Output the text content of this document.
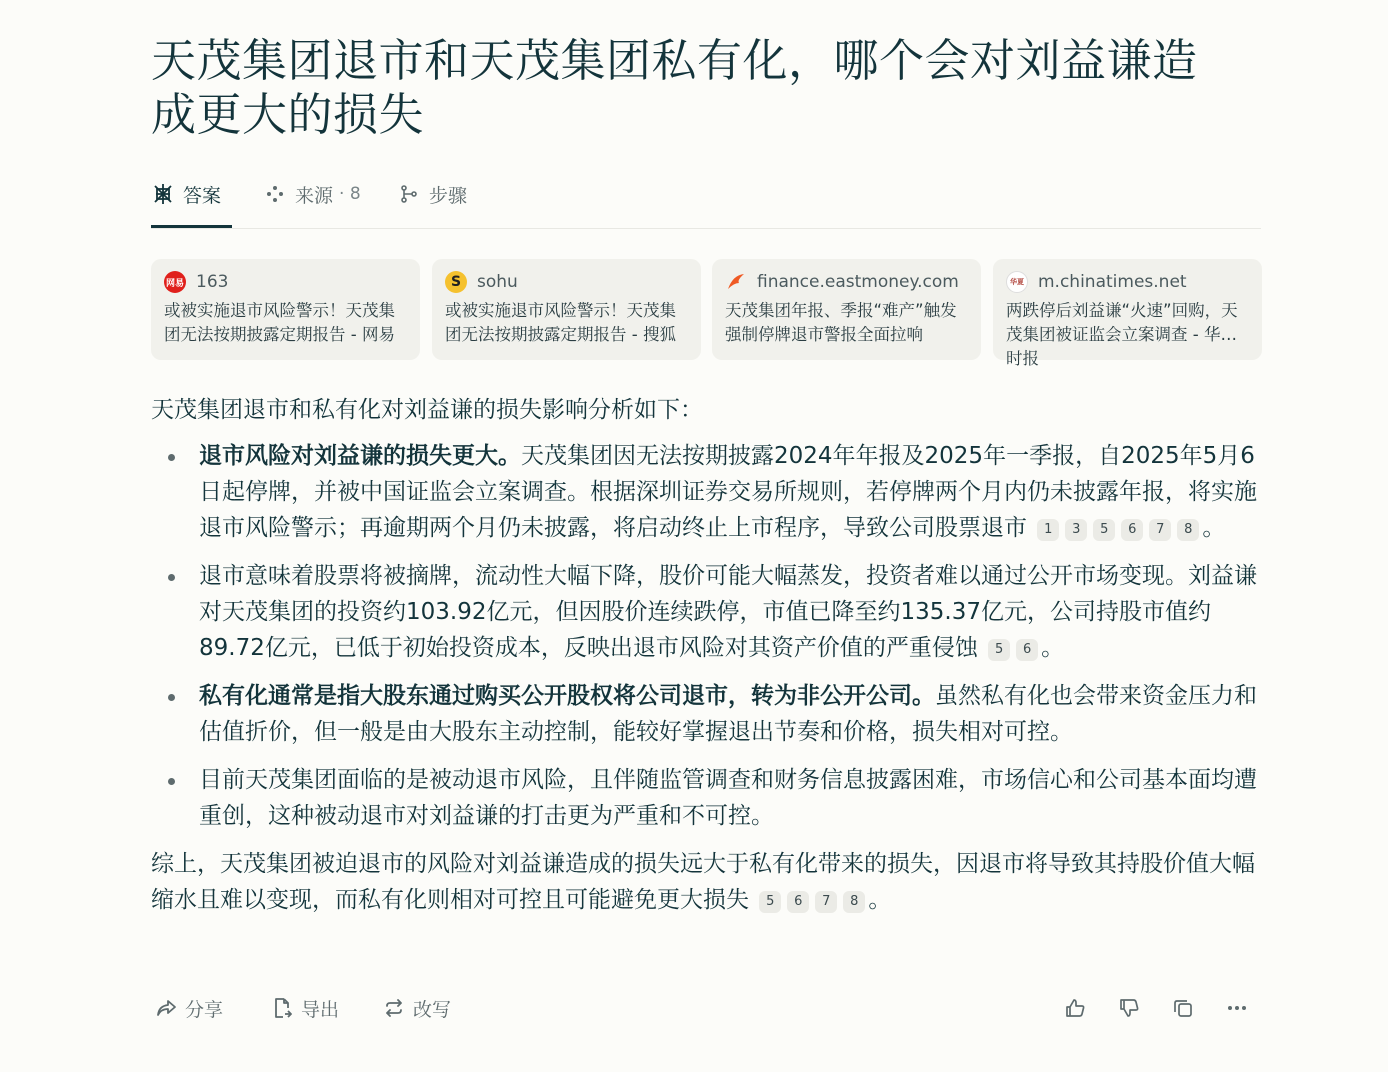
天茂集团退市和天茂集团私有化，哪个会对刘益谦造成更大的损失
答案	来源 · 8	步骤
网易 163
或被实施退市风险警示！天茂集团无法按期披露定期报告 - 网易
S sohu
或被实施退市风险警示！天茂集团无法按期披露定期报告 - 搜狐
finance.eastmoney.com
天茂集团年报、季报“难产”触发强制停牌退市警报全面拉响
华夏 m.chinatimes.net
两跌停后刘益谦“火速”回购，天茂集团被证监会立案调查 - 华夏时报

天茂集团退市和私有化对刘益谦的损失影响分析如下：

退市风险对刘益谦的损失更大。天茂集团因无法按期披露2024年年报及2025年一季报，自2025年5月6日起停牌，并被中国证监会立案调查。根据深圳证券交易所规则，若停牌两个月内仍未披露年报，将实施退市风险警示；再逾期两个月仍未披露，将启动终止上市程序，导致公司股票退市 1 3 5 6 7 8 。
退市意味着股票将被摘牌，流动性大幅下降，股价可能大幅蒸发，投资者难以通过公开市场变现。刘益谦对天茂集团的投资约103.92亿元，但因股价连续跌停，市值已降至约135.37亿元，公司持股市值约89.72亿元，已低于初始投资成本，反映出退市风险对其资产价值的严重侵蚀 5 6 。
私有化通常是指大股东通过购买公开股权将公司退市，转为非公开公司。虽然私有化也会带来资金压力和估值折价，但一般是由大股东主动控制，能较好掌握退出节奏和价格，损失相对可控。
目前天茂集团面临的是被动退市风险，且伴随监管调查和财务信息披露困难，市场信心和公司基本面均遭重创，这种被动退市对刘益谦的打击更为严重和不可控。

综上，天茂集团被迫退市的风险对刘益谦造成的损失远大于私有化带来的损失，因退市将导致其持股价值大幅缩水且难以变现，而私有化则相对可控且可能避免更大损失 5 6 7 8 。

分享	导出	改写
